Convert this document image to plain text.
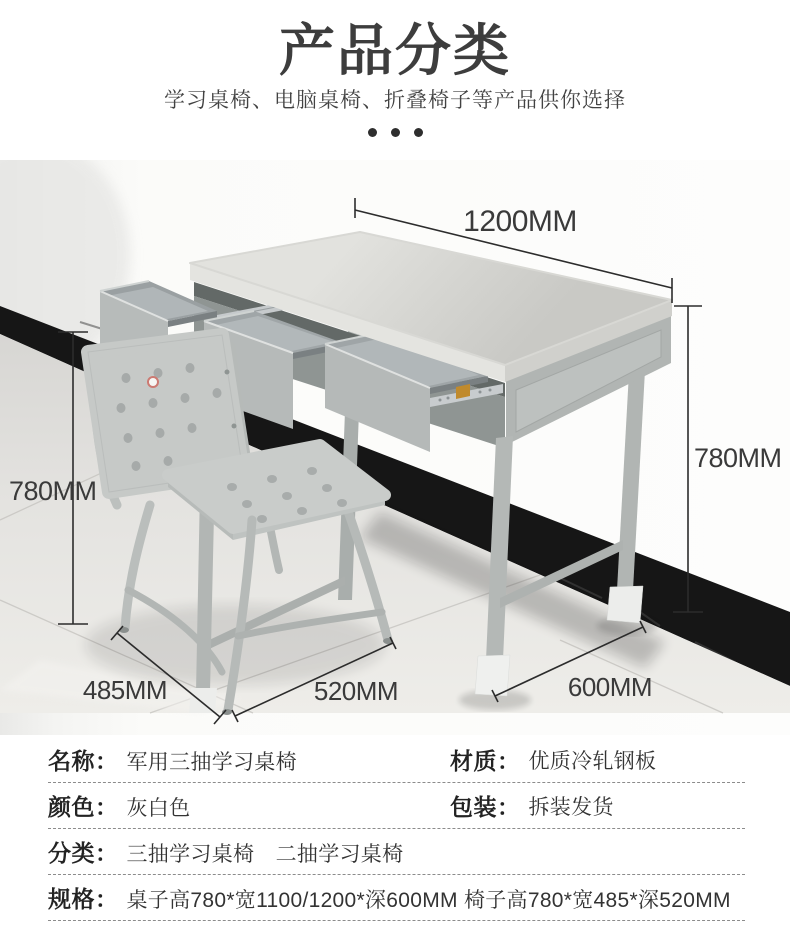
产品分类

学习桌椅、电脑桌椅、折叠椅子等产品供你选择

1200MM
780MM
780MM
485MM	520MM	600MM
名称： 军用三抽学习桌椅	材质： 优质冷轧钢板
颜色： 灰白色	包装： 拆装发货
分类： 三抽学习桌椅　二抽学习桌椅
规格： 桌子高780*宽1100/1200*深600MM 椅子高780*宽485*深520MM
